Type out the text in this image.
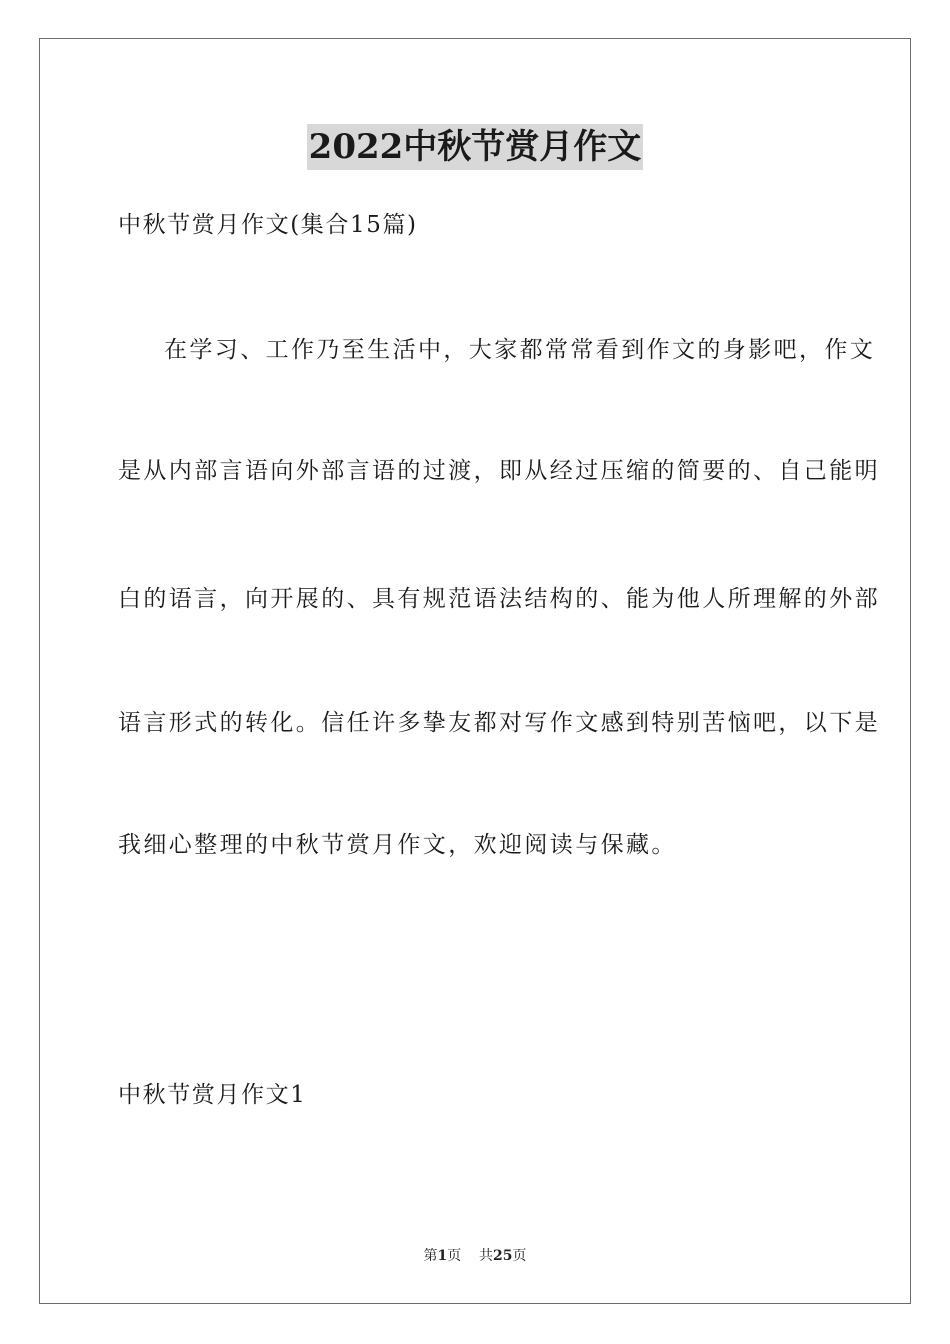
2022中秋节赏月作文
中秋节赏月作文(集合15篇)
在学习、工作乃至生活中，大家都常常看到作文的身影吧，作文
是从内部言语向外部言语的过渡，即从经过压缩的简要的、自己能明
白的语言，向开展的、具有规范语法结构的、能为他人所理解的外部
语言形式的转化。信任许多挚友都对写作文感到特别苦恼吧，以下是
我细心整理的中秋节赏月作文，欢迎阅读与保藏。
中秋节赏月作文1
第1页 共25页
